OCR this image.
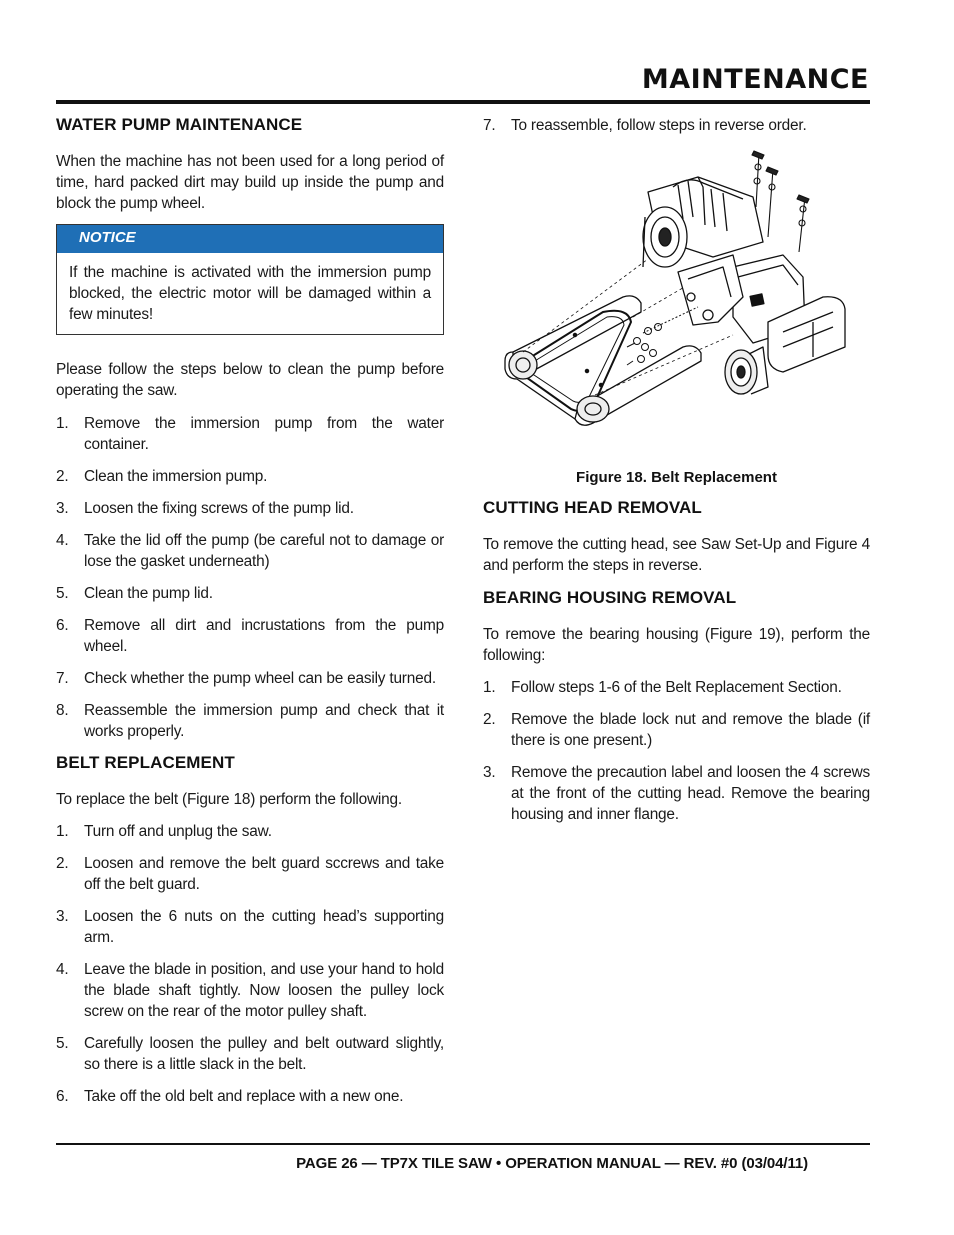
MAINTENANCE
WATER PUMP MAINTENANCE

When the machine has not been used for a long period of time, hard packed dirt may build up inside the pump and block the pump wheel.

NOTICE
If the machine is activated with the immersion pump blocked, the electric motor will be damaged within a few minutes!

Please follow the steps below to clean the pump before operating the saw.

1.	Remove the immersion pump from the water container.
2.	Clean the immersion pump.
3.	Loosen the fixing screws of the pump lid.
4.	Take the lid off the pump (be careful not to damage or lose the gasket underneath)
5.	Clean the pump lid.
6.	Remove all dirt and incrustations from the pump wheel.
7.	Check whether the pump wheel can be easily turned.
8.	Reassemble the immersion pump and check that it works properly.
BELT REPLACEMENT

To replace the belt (Figure 18) perform the following.

1.	Turn off and unplug the saw.
2.	Loosen and remove the belt guard sccrews and take off the belt guard.
3.	Loosen the 6 nuts on the cutting head’s supporting arm.
4.	Leave the blade in position, and use your hand to hold the blade shaft tightly. Now loosen the pulley lock screw on the rear of the motor pulley shaft.
5.	Carefully loosen the pulley and belt outward slightly, so there is a little slack in the belt.
6.	Take off the old belt and replace with a new one.
7.	To reassemble, follow steps in reverse order.
Figure 18. Belt Replacement
CUTTING HEAD REMOVAL

To remove the cutting head, see Saw Set-Up and Figure 4 and perform the steps in reverse.

BEARING HOUSING REMOVAL

To remove the bearing housing (Figure 19), perform the following:

1.	Follow steps 1-6 of the Belt Replacement Section.
2.	Remove the blade lock nut and remove the blade (if there is one present.)
3.	Remove the precaution label and loosen the 4 screws at the front of the cutting head. Remove the bearing housing and inner flange.
PAGE 26 — TP7X TILE SAW • OPERATION MANUAL — REV. #0 (03/04/11)
